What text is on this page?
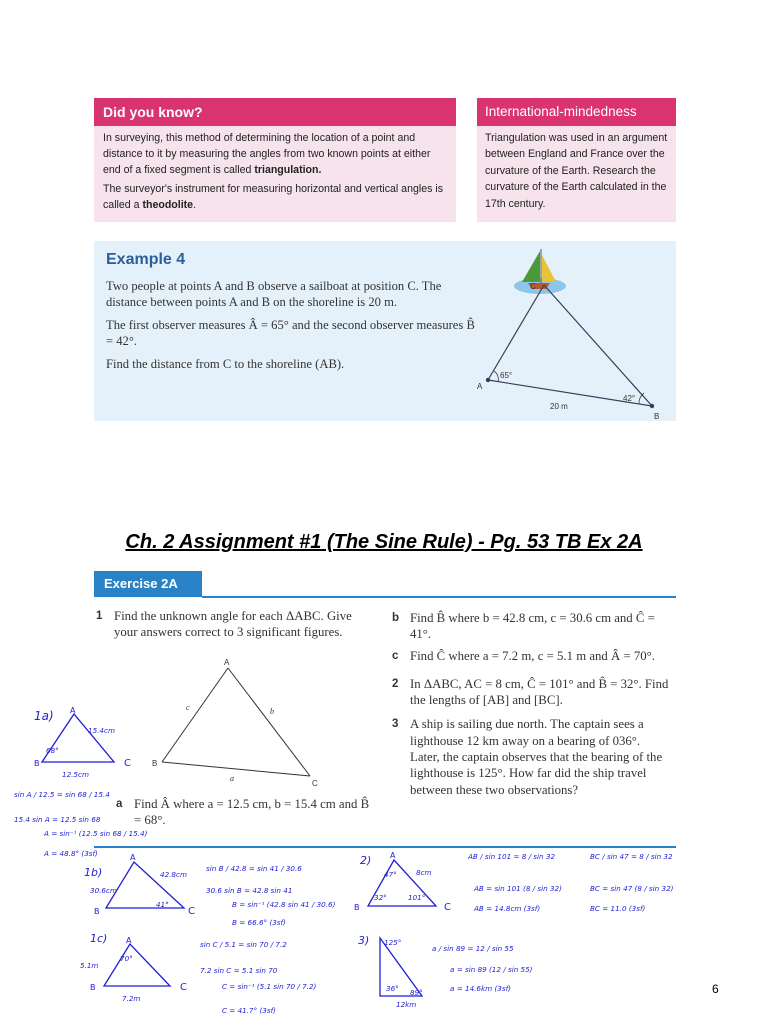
Did you know?

In surveying, this method of determining the location of a point and distance to it by measuring the angles from two known points at either end of a fixed segment is called triangulation.

The surveyor's instrument for measuring horizontal and vertical angles is called a theodolite.

International-mindedness
Triangulation was used in an argument between England and France over the curvature of the Earth. Research the curvature of the Earth calculated in the 17th century.
Example 4

Two people at points A and B observe a sailboat at position C. The distance between points A and B on the shoreline is 20 m.

The first observer measures Â = 65° and the second observer measures B̂ = 42°.

Find the distance from C to the shoreline (AB).

A
B
C
65°
42°
20 m
Ch. 2 Assignment #1 (The Sine Rule) - Pg. 53 TB Ex 2A
Exercise 2A
1 Find the unknown angle for each ΔABC. Give your answers correct to 3 significant figures.
A
B
C
c	b
a
a Find Â where a = 12.5 cm, b = 15.4 cm and B̂ = 68°.
b Find B̂ where b = 42.8 cm, c = 30.6 cm and Ĉ = 41°.
c Find Ĉ where a = 7.2 m, c = 5.1 m and Â = 70°.
2 In ΔABC, AC = 8 cm, Ĉ = 101° and B̂ = 32°. Find the lengths of [AB] and [BC].
3 A ship is sailing due north. The captain sees a lighthouse 12 km away on a bearing of 036°. Later, the captain observes that the bearing of the lighthouse is 125°. How far did the ship travel between these two observations?
1a) A
B	C
15.4cm
68°
12.5cm
sin A / 12.5 = sin 68 / 15.4
15.4 sin A = 12.5 sin 68
A = sin⁻¹ (12.5 sin 68 / 15.4)
A = 48.8° (3sf)
1b)
A
B	C
42.8cm
30.6cm
41°
sin B / 42.8 = sin 41 / 30.6
30.6 sin B = 42.8 sin 41
B = sin⁻¹ (42.8 sin 41 / 30.6)
B = 66.6° (3sf)
1c) A
B	C
5.1m
70°
7.2m
sin C / 5.1 = sin 70 / 7.2
7.2 sin C = 5.1 sin 70
C = sin⁻¹ (5.1 sin 70 / 7.2)
C = 41.7° (3sf)
2) A
B	C
8cm
47°
32°	101°
AB / sin 101 = 8 / sin 32
AB = sin 101 (8 / sin 32)
AB = 14.8cm (3sf)
BC / sin 47 = 8 / sin 32
BC = sin 47 (8 / sin 32)
BC = 11.0 (3sf)
3) 125°
36° 89°
12km
a / sin 89 = 12 / sin 55
a = sin 89 (12 / sin 55)
a = 14.6km (3sf)	6
